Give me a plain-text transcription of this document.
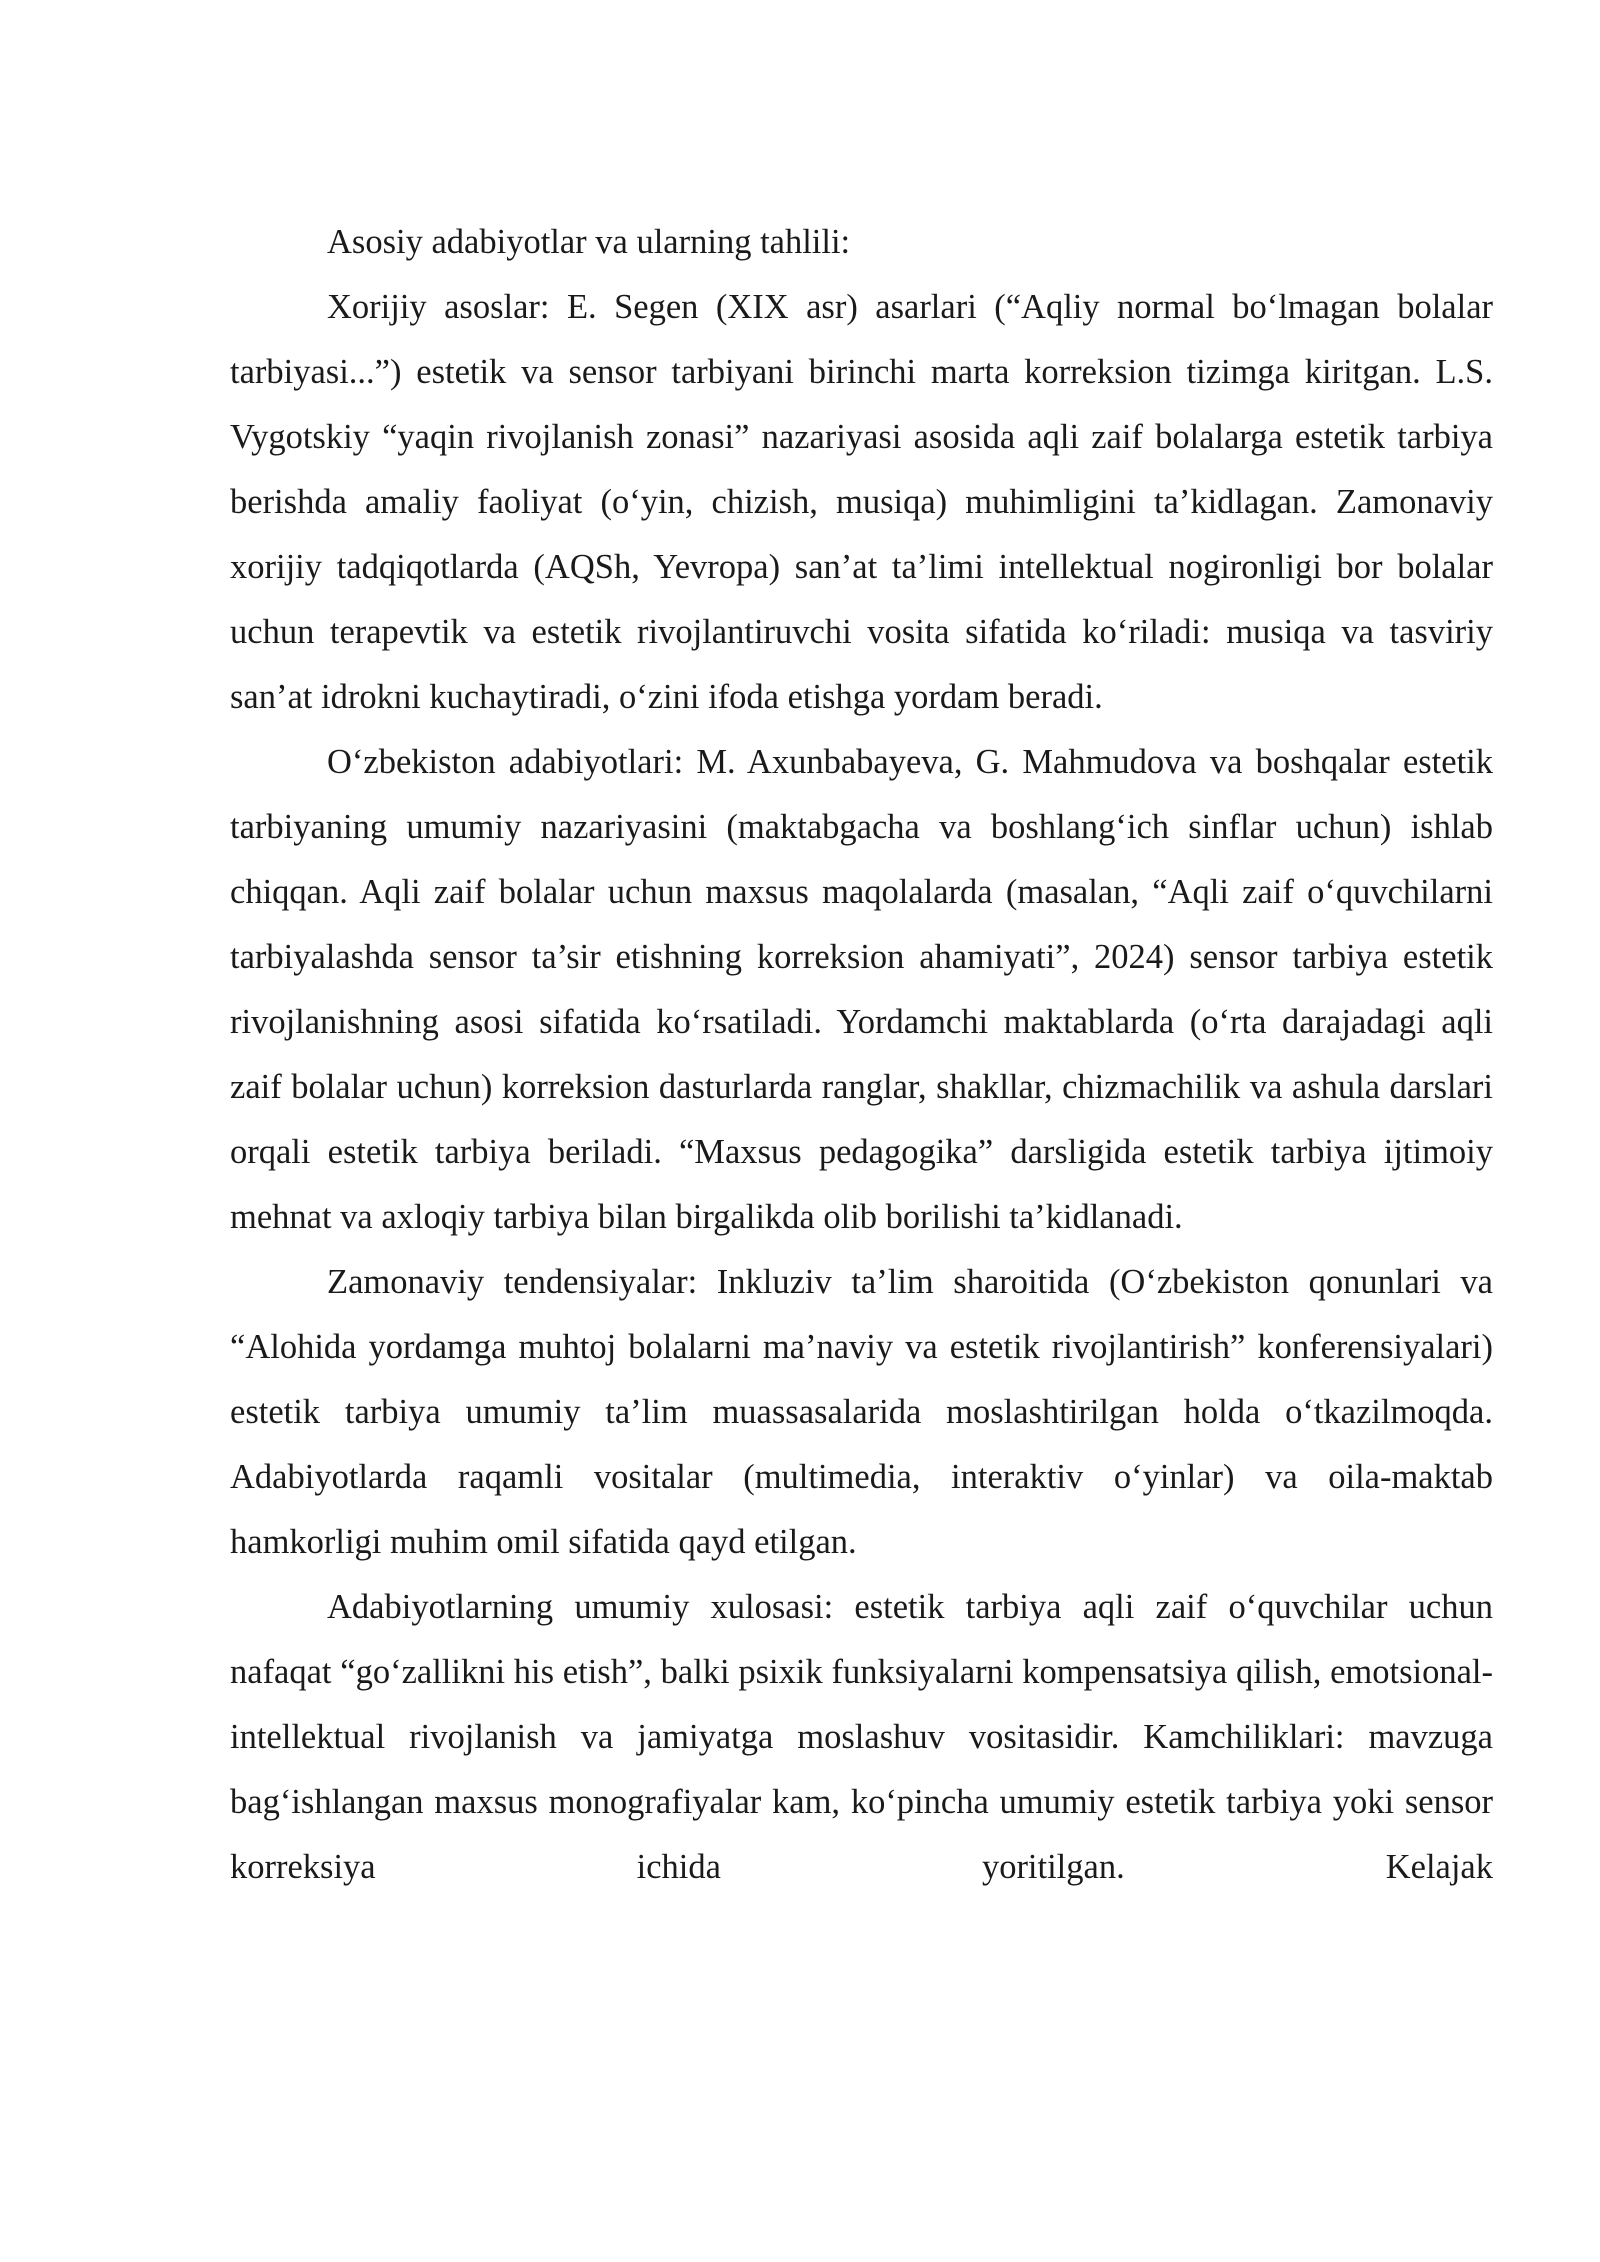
Asosiy adabiyotlar va ularning tahlili:

Xorijiy asoslar: E. Segen (XIX asr) asarlari (“Aqliy normal boʻlmagan bolalar tarbiyasi...”) estetik va sensor tarbiyani birinchi marta korreksion tizimga kiritgan. L.S. Vygotskiy “yaqin rivojlanish zonasi” nazariyasi asosida aqli zaif bolalarga estetik tarbiya berishda amaliy faoliyat (o‘yin, chizish, musiqa) muhimligini ta’kidlagan. Zamonaviy xorijiy tadqiqotlarda (AQSh, Yevropa) san’at ta’limi intellektual nogironligi bor bolalar uchun terapevtik va estetik rivojlantiruvchi vosita sifatida ko‘riladi: musiqa va tasviriy san’at idrokni kuchaytiradi, o‘zini ifoda etishga yordam beradi.

O‘zbekiston adabiyotlari: M. Axunbabayeva, G. Mahmudova va boshqalar estetik tarbiyaning umumiy nazariyasini (maktabgacha va boshlang‘ich sinflar uchun) ishlab chiqqan. Aqli zaif bolalar uchun maxsus maqolalarda (masalan, “Aqli zaif o‘quvchilarni tarbiyalashda sensor ta’sir etishning korreksion ahamiyati”, 2024) sensor tarbiya estetik rivojlanishning asosi sifatida ko‘rsatiladi. Yordamchi maktablarda (o‘rta darajadagi aqli zaif bolalar uchun) korreksion dasturlarda ranglar, shakllar, chizmachilik va ashula darslari orqali estetik tarbiya beriladi. “Maxsus pedagogika” darsligida estetik tarbiya ijtimoiy mehnat va axloqiy tarbiya bilan birgalikda olib borilishi ta’kidlanadi.

Zamonaviy tendensiyalar: Inkluziv ta’lim sharoitida (O‘zbekiston qonunlari va “Alohida yordamga muhtoj bolalarni ma’naviy va estetik rivojlantirish” konferensiyalari) estetik tarbiya umumiy ta’lim muassasalarida moslashtirilgan holda o‘tkazilmoqda. Adabiyotlarda raqamli vositalar (multimedia, interaktiv o‘yinlar) va oila-maktab hamkorligi muhim omil sifatida qayd etilgan.

Adabiyotlarning umumiy xulosasi: estetik tarbiya aqli zaif o‘quvchilar uchun nafaqat “go‘zallikni his etish”, balki psixik funksiyalarni kompensatsiya qilish, emotsional-intellektual rivojlanish va jamiyatga moslashuv vositasidir. Kamchiliklari: mavzuga bag‘ishlangan maxsus monografiyalar kam, ko‘pincha umumiy estetik tarbiya yoki sensor korreksiya ichida yoritilgan. Kelajak
